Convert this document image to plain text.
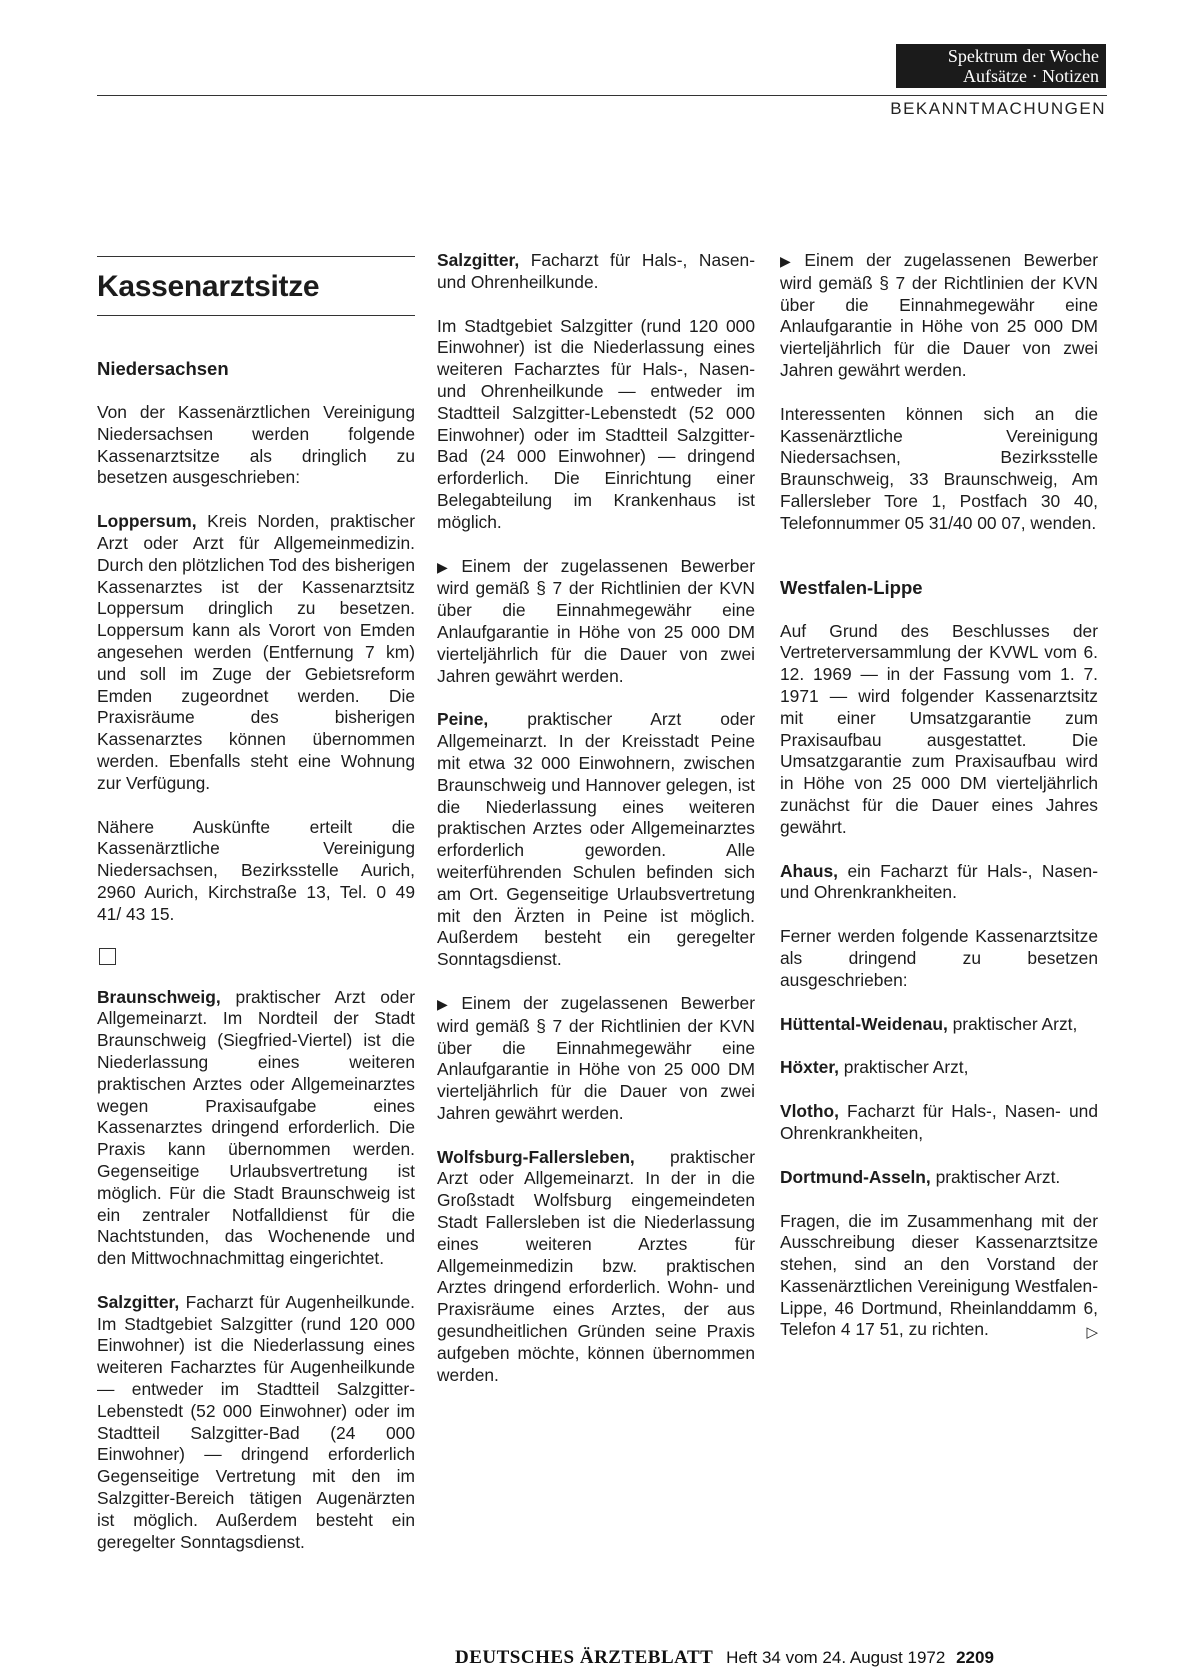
Spektrum der Woche
Aufsätze · Notizen
BEKANNTMACHUNGEN
Kassenarztsitze
Niedersachsen

Von der Kassenärztlichen Vereinigung Niedersachsen werden folgende Kassenarztsitze als dringlich zu besetzen ausgeschrieben:

Loppersum, Kreis Norden, praktischer Arzt oder Arzt für Allgemeinmedizin. Durch den plötzlichen Tod des bisherigen Kassenarztes ist der Kassenarztsitz Loppersum dringlich zu besetzen. Loppersum kann als Vorort von Emden angesehen werden (Entfernung 7 km) und soll im Zuge der Gebietsreform Emden zugeordnet werden. Die Praxisräume des bisherigen Kassenarztes können übernommen werden. Ebenfalls steht eine Wohnung zur Verfügung.

Nähere Auskünfte erteilt die Kassenärztliche Vereinigung Niedersachsen, Bezirksstelle Aurich, 2960 Aurich, Kirchstraße 13, Tel. 0 49 41/ 43 15.

Braunschweig, praktischer Arzt oder Allgemeinarzt. Im Nordteil der Stadt Braunschweig (Siegfried-Viertel) ist die Niederlassung eines weiteren praktischen Arztes oder Allgemeinarztes wegen Praxisaufgabe eines Kassenarztes dringend erforderlich. Die Praxis kann übernommen werden. Gegenseitige Urlaubsvertretung ist möglich. Für die Stadt Braunschweig ist ein zentraler Notfalldienst für die Nachtstunden, das Wochenende und den Mittwochnachmittag eingerichtet.

Salzgitter, Facharzt für Augenheilkunde. Im Stadtgebiet Salzgitter (rund 120 000 Einwohner) ist die Niederlassung eines weiteren Facharztes für Augenheilkunde — entweder im Stadtteil Salzgitter-Lebenstedt (52 000 Einwohner) oder im Stadtteil Salzgitter-Bad (24 000 Einwohner) — dringend erforderlich Gegenseitige Vertretung mit den im Salzgitter-Bereich tätigen Augenärzten ist möglich. Außerdem besteht ein geregelter Sonntagsdienst.

Salzgitter, Facharzt für Hals-, Nasen- und Ohrenheilkunde.

Im Stadtgebiet Salzgitter (rund 120 000 Einwohner) ist die Niederlassung eines weiteren Facharztes für Hals-, Nasen- und Ohrenheilkunde — entweder im Stadtteil Salzgitter-Lebenstedt (52 000 Einwohner) oder im Stadtteil Salzgitter-Bad (24 000 Einwohner) — dringend erforderlich. Die Einrichtung einer Belegabteilung im Krankenhaus ist möglich.

▶ Einem der zugelassenen Bewerber wird gemäß § 7 der Richtlinien der KVN über die Einnahmegewähr eine Anlaufgarantie in Höhe von 25 000 DM vierteljährlich für die Dauer von zwei Jahren gewährt werden.

Peine, praktischer Arzt oder Allgemeinarzt. In der Kreisstadt Peine mit etwa 32 000 Einwohnern, zwischen Braunschweig und Hannover gelegen, ist die Niederlassung eines weiteren praktischen Arztes oder Allgemeinarztes erforderlich geworden. Alle weiterführenden Schulen befinden sich am Ort. Gegenseitige Urlaubsvertretung mit den Ärzten in Peine ist möglich. Außerdem besteht ein geregelter Sonntagsdienst.

▶ Einem der zugelassenen Bewerber wird gemäß § 7 der Richtlinien der KVN über die Einnahmegewähr eine Anlaufgarantie in Höhe von 25 000 DM vierteljährlich für die Dauer von zwei Jahren gewährt werden.

Wolfsburg-Fallersleben, praktischer Arzt oder Allgemeinarzt. In der in die Großstadt Wolfsburg eingemeindeten Stadt Fallersleben ist die Niederlassung eines weiteren Arztes für Allgemeinmedizin bzw. praktischen Arztes dringend erforderlich. Wohn- und Praxisräume eines Arztes, der aus gesundheitlichen Gründen seine Praxis aufgeben möchte, können übernommen werden.

▶ Einem der zugelassenen Bewerber wird gemäß § 7 der Richtlinien der KVN über die Einnahmegewähr eine Anlaufgarantie in Höhe von 25 000 DM vierteljährlich für die Dauer von zwei Jahren gewährt werden.

Interessenten können sich an die Kassenärztliche Vereinigung Niedersachsen, Bezirksstelle Braunschweig, 33 Braunschweig, Am Fallersleber Tore 1, Postfach 30 40, Telefonnummer 05 31/40 00 07, wenden.

Westfalen-Lippe

Auf Grund des Beschlusses der Vertreterversammlung der KVWL vom 6. 12. 1969 — in der Fassung vom 1. 7. 1971 — wird folgender Kassenarztsitz mit einer Umsatzgarantie zum Praxisaufbau ausgestattet. Die Umsatzgarantie zum Praxisaufbau wird in Höhe von 25 000 DM vierteljährlich zunächst für die Dauer eines Jahres gewährt.

Ahaus, ein Facharzt für Hals-, Nasen- und Ohrenkrankheiten.

Ferner werden folgende Kassenarztsitze als dringend zu besetzen ausgeschrieben:

Hüttental-Weidenau, praktischer Arzt,

Höxter, praktischer Arzt,

Vlotho, Facharzt für Hals-, Nasen- und Ohrenkrankheiten,

Dortmund-Asseln, praktischer Arzt.

Fragen, die im Zusammenhang mit der Ausschreibung dieser Kassenarztsitze stehen, sind an den Vorstand der Kassenärztlichen Vereinigung Westfalen-Lippe, 46 Dortmund, Rheinlanddamm 6, Telefon 4 17 51, zu richten.	▷

DEUTSCHES ÄRZTEBLATT Heft 34 vom 24. August 1972 2209
